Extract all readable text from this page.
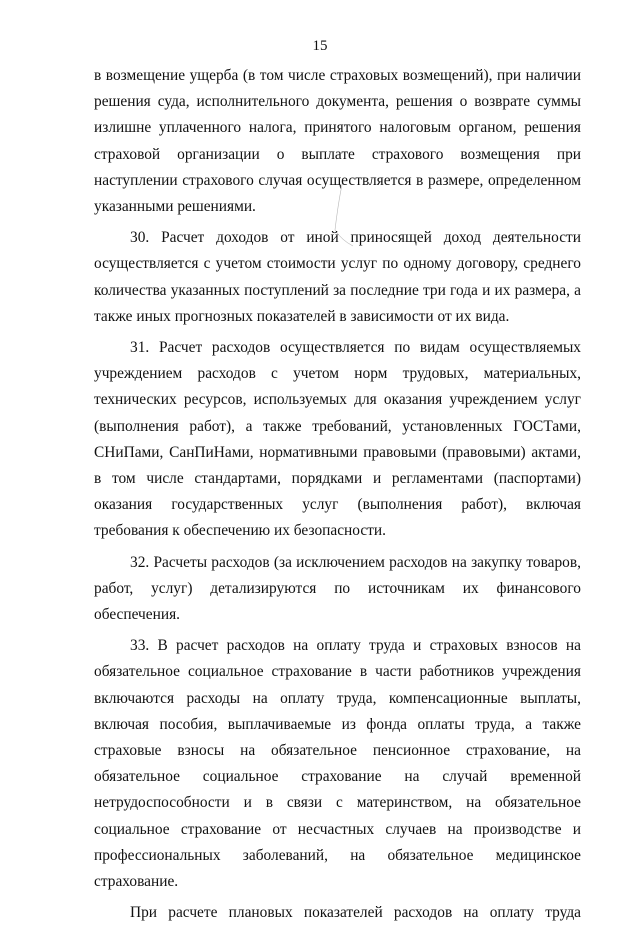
15

в возмещение ущерба (в том числе страховых возмещений), при наличии решения суда, исполнительного документа, решения о возврате суммы излишне уплаченного налога, принятого налоговым органом, решения страховой организации о выплате страхового возмещения при наступлении страхового случая осуществляется в размере, определенном указанными решениями.

30. Расчет доходов от иной приносящей доход деятельности осуществляется с учетом стоимости услуг по одному договору, среднего количества указанных поступлений за последние три года и их размера, а также иных прогнозных показателей в зависимости от их вида.

31. Расчет расходов осуществляется по видам осуществляемых учреждением расходов с учетом норм трудовых, материальных, технических ресурсов, используемых для оказания учреждением услуг (выполнения работ), а также требований, установленных ГОСТами, СНиПами, СанПиНами, нормативными правовыми (правовыми) актами, в том числе стандартами, порядками и регламентами (паспортами) оказания государственных услуг (выполнения работ), включая требования к обеспечению их безопасности.

32. Расчеты расходов (за исключением расходов на закупку товаров, работ, услуг) детализируются по источникам их финансового обеспечения.

33. В расчет расходов на оплату труда и страховых взносов на обязательное социальное страхование в части работников учреждения включаются расходы на оплату труда, компенсационные выплаты, включая пособия, выплачиваемые из фонда оплаты труда, а также страховые взносы на обязательное пенсионное страхование, на обязательное социальное страхование на случай временной нетрудоспособности и в связи с материнством, на обязательное социальное страхование от несчастных случаев на производстве и профессиональных заболеваний, на обязательное медицинское страхование.

При расчете плановых показателей расходов на оплату труда
